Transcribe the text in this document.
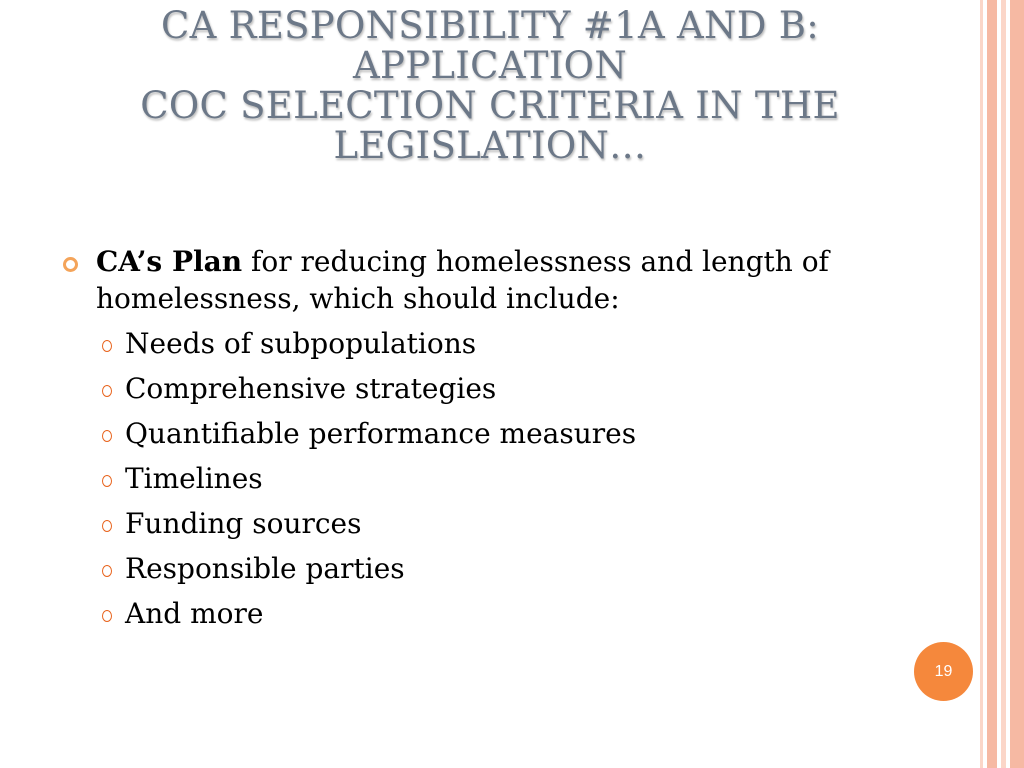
CA RESPONSIBILITY #1A AND B:
APPLICATION
COC SELECTION CRITERIA IN THE
LEGISLATION…
CA’s Plan for reducing homelessness and length of homelessness, which should include:
Needs of subpopulations
Comprehensive strategies
Quantifiable performance measures
Timelines
Funding sources
Responsible parties
And more
19
